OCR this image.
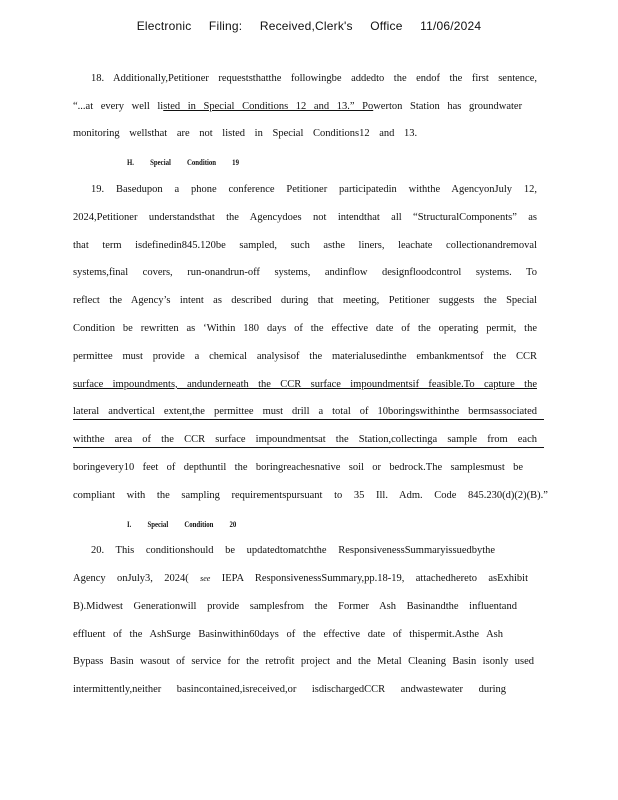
Electronic Filing: Received,Clerk's Office 11/06/2024
18. Additionally,Petitioner requeststhatthe followingbe addedto the endof the first sentence,
“...at every well listed in Special Conditions 12 and 13.” Powerton Station has groundwater
monitoring wellsthat are not listed in Special Conditions12 and 13.
H. Special Condition 19
19. Basedupon a phone conference Petitioner participatedin withthe AgencyonJuly 12,
2024,Petitioner understandsthat the Agencydoes not intendthat all “StructuralComponents” as
that term isdefinedin845.120be sampled, such asthe liners, leachate collectionandremoval
systems,final covers, run-onandrun-off systems, andinflow designfloodcontrol systems. To
reflect the Agency’s intent as described during that meeting, Petitioner suggests the Special
Condition be rewritten as ‘Within 180 days of the effective date of the operating permit, the
permittee must provide a chemical analysisof the materialusedinthe embankmentsof the CCR
surface impoundments, andunderneath the CCR surface impoundmentsif feasible.To capture the
lateral andvertical extent,the permittee must drill a total of 10boringswithinthe bermsassociated
withthe area of the CCR surface impoundmentsat the Station,collectinga sample from each
boringevery10 feet of depthuntil the boringreachesnative soil or bedrock.The samplesmust be
compliant with the sampling requirementspursuant to 35 Ill. Adm. Code 845.230(d)(2)(B).”
I. Special Condition 20
20. This conditionshould be updatedtomatchthe ResponsivenessSummaryissuedbythe
Agency onJuly3, 2024( see IEPA ResponsivenessSummary,pp.18-19, attachedhereto asExhibit
B).Midwest Generationwill provide samplesfrom the Former Ash Basinandthe influentand
effluent of the AshSurge Basinwithin60days of the effective date of thispermit.Asthe Ash
Bypass Basin wasout of service for the retrofit project and the Metal Cleaning Basin isonly used
intermittently,neither basincontained,isreceived,or isdischargedCCR andwastewater during
